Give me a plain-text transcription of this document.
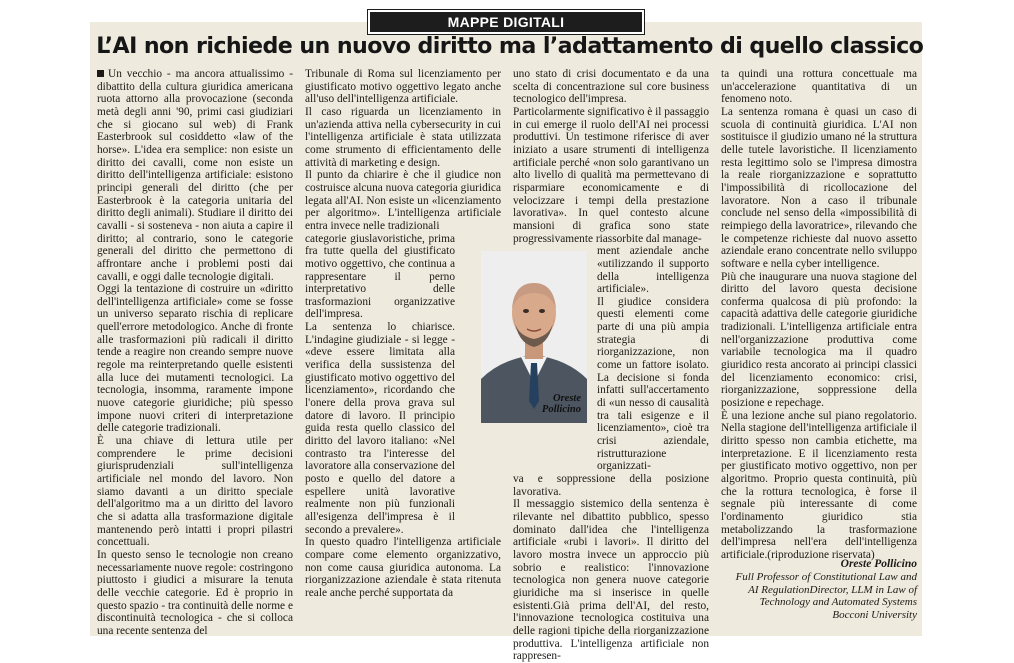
MAPPE DIGITALI
L’AI non richiede un nuovo diritto ma l’adattamento di quello classico

Un vecchio - ma ancora attualissimo - dibattito della cultura giuridica americana ruota attorno alla provocazione (seconda metà degli anni '90, primi casi giudiziari che si giocano sul web) di Frank Easterbrook sul cosiddetto «law of the horse». L'idea era semplice: non esiste un diritto dei cavalli, come non esiste un diritto dell'intelligenza artificiale: esistono principi generali del diritto (che per Easterbrook è la categoria unitaria del diritto degli animali). Studiare il diritto dei cavalli - si sosteneva - non aiuta a capire il diritto; al contrario, sono le categorie generali del diritto che permettono di affrontare anche i problemi posti dai cavalli, e oggi dalle tecnologie digitali.

Oggi la tentazione di costruire un «diritto dell'intelligenza artificiale» come se fosse un universo separato rischia di replicare quell'errore metodologico. Anche di fronte alle trasformazioni più radicali il diritto tende a reagire non creando sempre nuove regole ma reinterpretando quelle esistenti alla luce dei mutamenti tecnologici. La tecnologia, insomma, raramente impone nuove categorie giuridiche; più spesso impone nuovi criteri di interpretazione delle categorie tradizionali.

È una chiave di lettura utile per comprendere le prime decisioni giurisprudenziali sull'intelligenza artificiale nel mondo del lavoro. Non siamo davanti a un diritto speciale dell'algoritmo ma a un diritto del lavoro che si adatta alla trasformazione digitale mantenendo però intatti i propri pilastri concettuali.

In questo senso le tecnologie non creano necessariamente nuove regole: costringono piuttosto i giudici a misurare la tenuta delle vecchie categorie. Ed è proprio in questo spazio - tra continuità delle norme e discontinuità tecnologica - che si colloca una recente sentenza del

Tribunale di Roma sul licenziamento per giustificato motivo oggettivo legato anche all'uso dell'intelligenza artificiale.

Il caso riguarda un licenziamento in un'azienda attiva nella cybersecurity in cui l'intelligenza artificiale è stata utilizzata come strumento di efficientamento delle attività di marketing e design.

Il punto da chiarire è che il giudice non costruisce alcuna nuova categoria giuridica legata all'AI. Non esiste un «licenziamento per algoritmo». L'intelligenza artificiale entra invece nelle tradizionali

categorie giuslavoristiche, prima fra tutte quella del giustificato motivo oggettivo, che continua a rappresentare il perno interpretativo delle trasformazioni organizzative dell'impresa.

La sentenza lo chiarisce. L'indagine giudiziale - si legge - «deve essere limitata alla verifica della sussistenza del giustificato motivo oggettivo del licenziamento», ricordando che l'onere della prova grava sul datore di lavoro. Il principio guida resta quello classico del diritto del lavoro italiano: «Nel contrasto tra l'interesse del lavoratore alla conservazione del posto e quello del datore a espellere unità lavorative realmente non più funzionali all'esigenza dell'impresa è il secondo a prevalere».

In questo quadro l'intelligenza artificiale compare come elemento organizzativo, non come causa giuridica autonoma. La riorganizzazione aziendale è stata ritenuta reale anche perché supportata da

uno stato di crisi documentato e da una scelta di concentrazione sul core business tecnologico dell'impresa.

Particolarmente significativo è il passaggio in cui emerge il ruolo dell'AI nei processi produttivi. Un testimone riferisce di aver iniziato a usare strumenti di intelligenza artificiale perché «non solo garantivano un alto livello di qualità ma permettevano di risparmiare economicamente e di velocizzare i tempi della prestazione lavorativa». In quel contesto alcune mansioni di grafica sono state progressivamente riassorbite dal manage-

ment aziendale anche «utilizzando il supporto della intelligenza artificiale».

Il giudice considera questi elementi come parte di una più ampia strategia di riorganizzazione, non come un fattore isolato. La decisione si fonda infatti sull'accertamento di «un nesso di causalità tra tali esigenze e il licenziamento», cioè tra crisi aziendale, ristrutturazione organizzati-

va e soppressione della posizione lavorativa.

Il messaggio sistemico della sentenza è rilevante nel dibattito pubblico, spesso dominato dall'idea che l'intelligenza artificiale «rubi i lavori». Il diritto del lavoro mostra invece un approccio più sobrio e realistico: l'innovazione tecnologica non genera nuove categorie giuridiche ma si inserisce in quelle esistenti.Già prima dell'AI, del resto, l'innovazione tecnologica costituiva una delle ragioni tipiche della riorganizzazione produttiva. L'intelligenza artificiale non rappresen-

ta quindi una rottura concettuale ma un'accelerazione quantitativa di un fenomeno noto.

La sentenza romana è quasi un caso di scuola di continuità giuridica. L'AI non sostituisce il giudizio umano né la struttura delle tutele lavoristiche. Il licenziamento resta legittimo solo se l'impresa dimostra la reale riorganizzazione e soprattutto l'impossibilità di ricollocazione del lavoratore. Non a caso il tribunale conclude nel senso della «impossibilità di reimpiego della lavoratrice», rilevando che le competenze richieste dal nuovo assetto aziendale erano concentrate nello sviluppo software e nella cyber intelligence.

Più che inaugurare una nuova stagione del diritto del lavoro questa decisione conferma qualcosa di più profondo: la capacità adattiva delle categorie giuridiche tradizionali. L'intelligenza artificiale entra nell'organizzazione produttiva come variabile tecnologica ma il quadro giuridico resta ancorato ai principi classici del licenziamento economico: crisi, riorganizzazione, soppressione della posizione e repechage.

È una lezione anche sul piano regolatorio. Nella stagione dell'intelligenza artificiale il diritto spesso non cambia etichette, ma interpretazione. E il licenziamento resta per giustificato motivo oggettivo, non per algoritmo. Proprio questa continuità, più che la rottura tecnologica, è forse il segnale più interessante di come l'ordinamento giuridico stia metabolizzando la trasformazione dell'impresa nell'era dell'intelligenza artificiale.(riproduzione riservata)

Oreste
Pollicino
Oreste Pollicino
Full Professor of Constitutional Law and
AI RegulationDirector, LLM in Law of
Technology and Automated Systems
Bocconi University
